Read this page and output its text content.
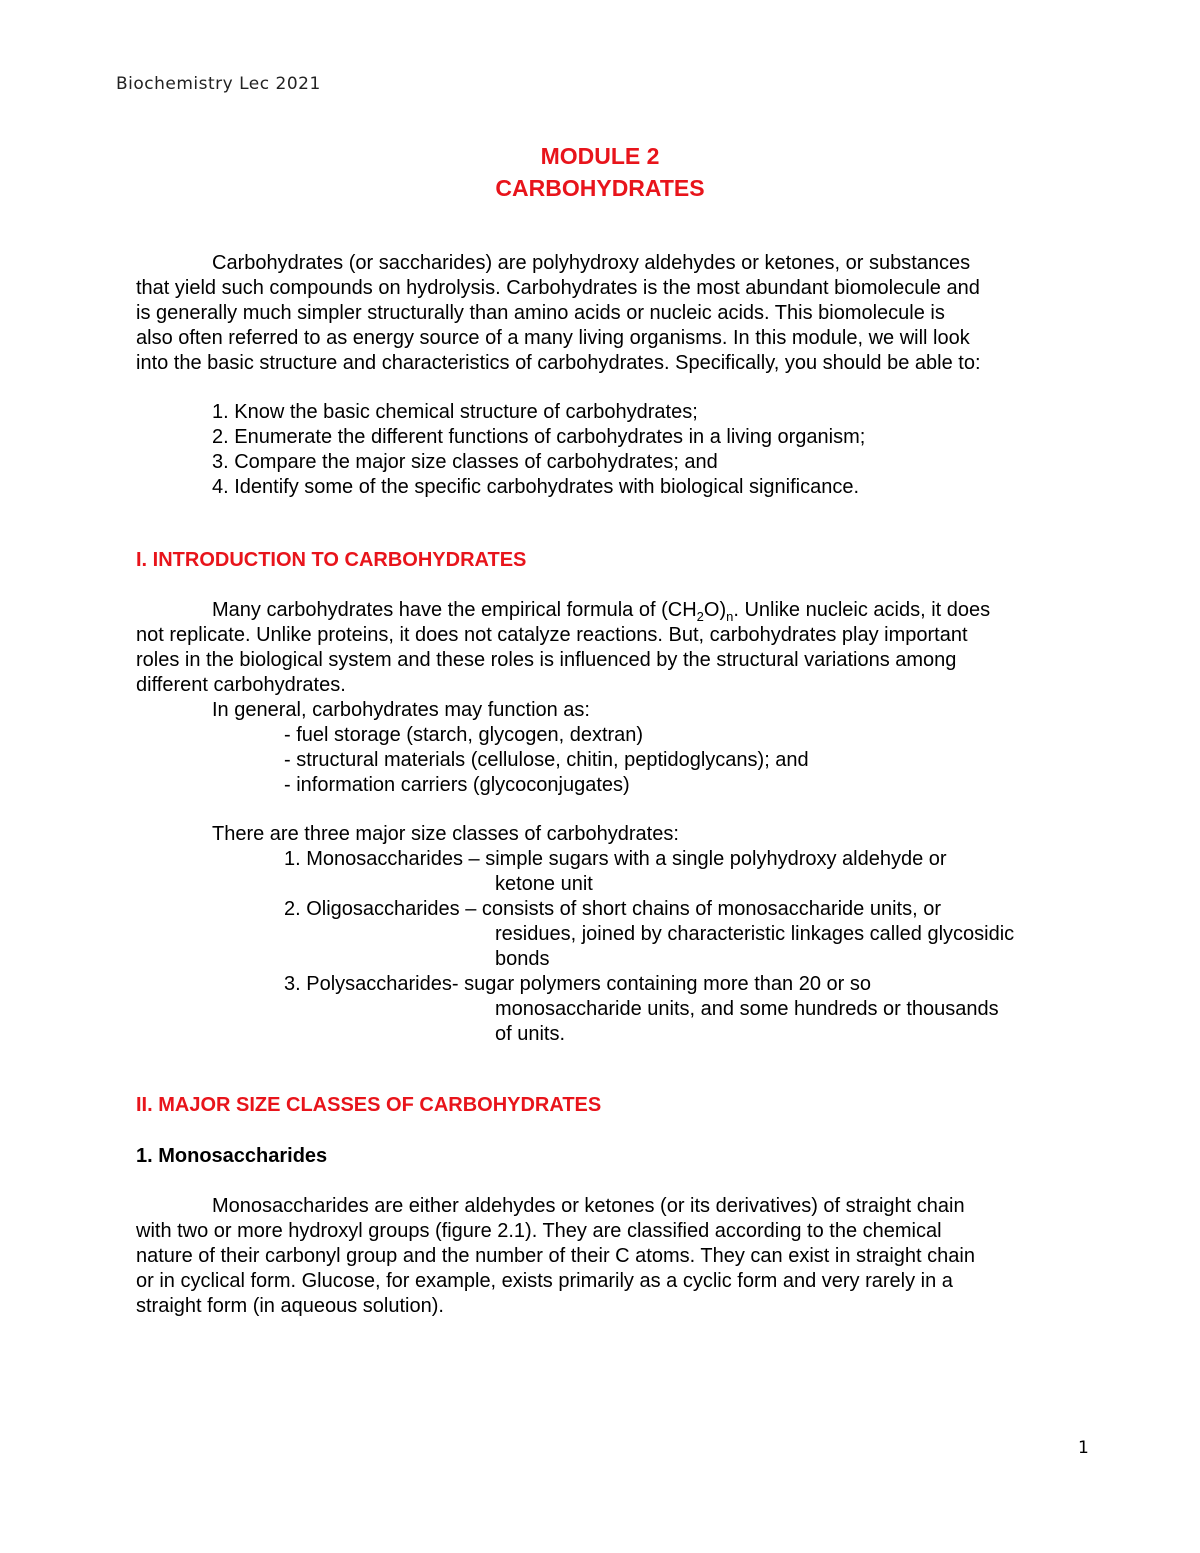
Biochemistry Lec 2021
MODULE 2
CARBOHYDRATES
Carbohydrates (or saccharides) are polyhydroxy aldehydes or ketones, or substances
that yield such compounds on hydrolysis. Carbohydrates is the most abundant biomolecule and
is generally much simpler structurally than amino acids or nucleic acids. This biomolecule is
also often referred to as energy source of a many living organisms. In this module, we will look
into the basic structure and characteristics of carbohydrates. Specifically, you should be able to:
1. Know the basic chemical structure of carbohydrates;
2. Enumerate the different functions of carbohydrates in a living organism;
3. Compare the major size classes of carbohydrates; and
4. Identify some of the specific carbohydrates with biological significance.
I. INTRODUCTION TO CARBOHYDRATES
Many carbohydrates have the empirical formula of $(CH_2O)_n$. Unlike nucleic acids, it does
not replicate. Unlike proteins, it does not catalyze reactions. But, carbohydrates play important
roles in the biological system and these roles is influenced by the structural variations among
different carbohydrates.
In general, carbohydrates may function as:
- fuel storage (starch, glycogen, dextran)
- structural materials (cellulose, chitin, peptidoglycans); and
- information carriers (glycoconjugates)
There are three major size classes of carbohydrates:
1. Monosaccharides – simple sugars with a single polyhydroxy aldehyde or
ketone unit
2. Oligosaccharides – consists of short chains of monosaccharide units, or
residues, joined by characteristic linkages called glycosidic
bonds
3. Polysaccharides- sugar polymers containing more than 20 or so
monosaccharide units, and some hundreds or thousands
of units.
II. MAJOR SIZE CLASSES OF CARBOHYDRATES
1. Monosaccharides
Monosaccharides are either aldehydes or ketones (or its derivatives) of straight chain
with two or more hydroxyl groups (figure 2.1). They are classified according to the chemical
nature of their carbonyl group and the number of their C atoms. They can exist in straight chain
or in cyclical form. Glucose, for example, exists primarily as a cyclic form and very rarely in a
straight form (in aqueous solution).
1
